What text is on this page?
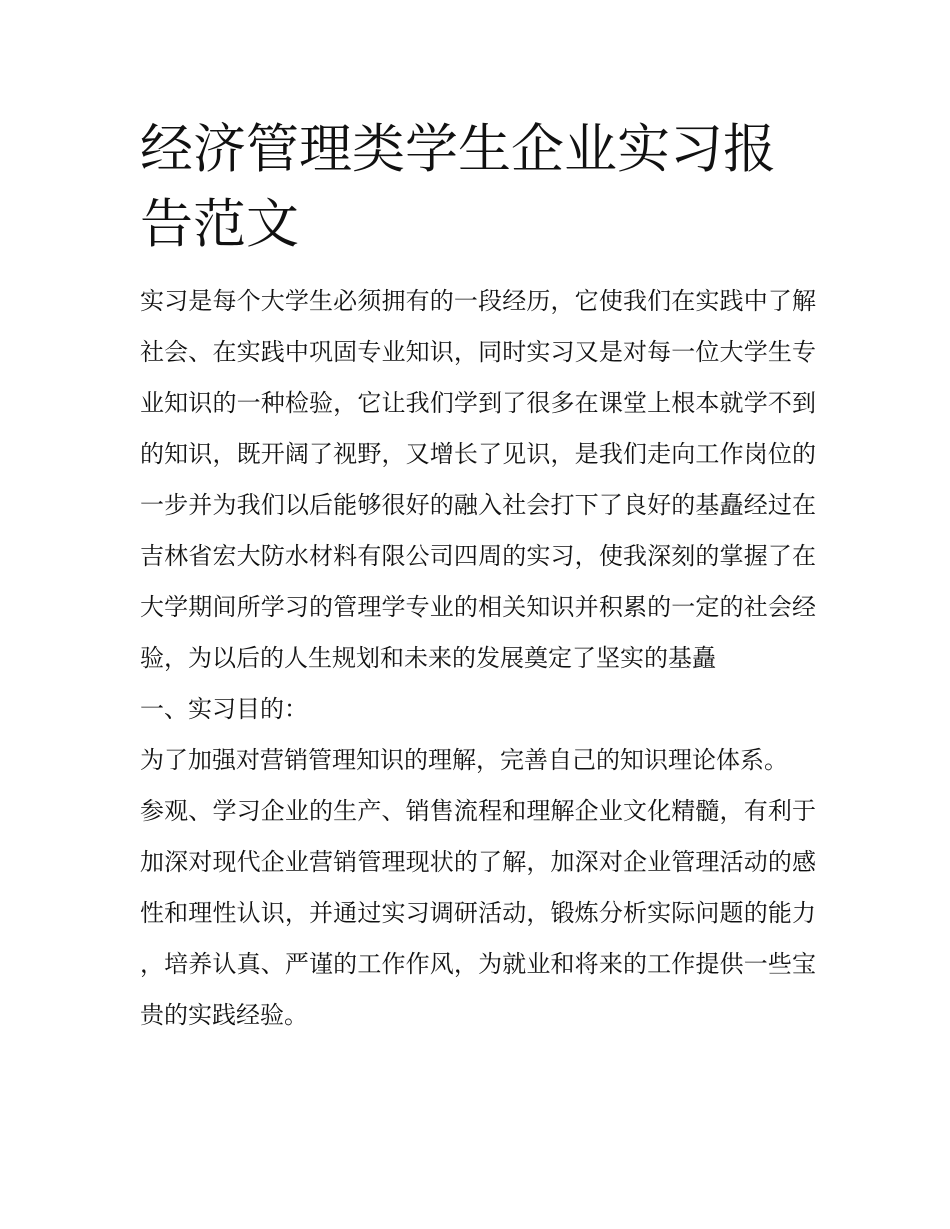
经济管理类学生企业实习报告范文

实习是每个大学生必须拥有的一段经历，它使我们在实践中了解社会、在实践中巩固专业知识，同时实习又是对每一位大学生专业知识的一种检验，它让我们学到了很多在课堂上根本就学不到的知识，既开阔了视野，又增长了见识，是我们走向工作岗位的一步并为我们以后能够很好的融入社会打下了良好的基矗经过在吉林省宏大防水材料有限公司四周的实习，使我深刻的掌握了在大学期间所学习的管理学专业的相关知识并积累的一定的社会经验，为以后的人生规划和未来的发展奠定了坚实的基矗

一、实习目的：

为了加强对营销管理知识的理解，完善自己的知识理论体系。

参观、学习企业的生产、销售流程和理解企业文化精髓，有利于加深对现代企业营销管理现状的了解，加深对企业管理活动的感性和理性认识，并通过实习调研活动，锻炼分析实际问题的能力，培养认真、严谨的工作作风，为就业和将来的工作提供一些宝贵的实践经验。
